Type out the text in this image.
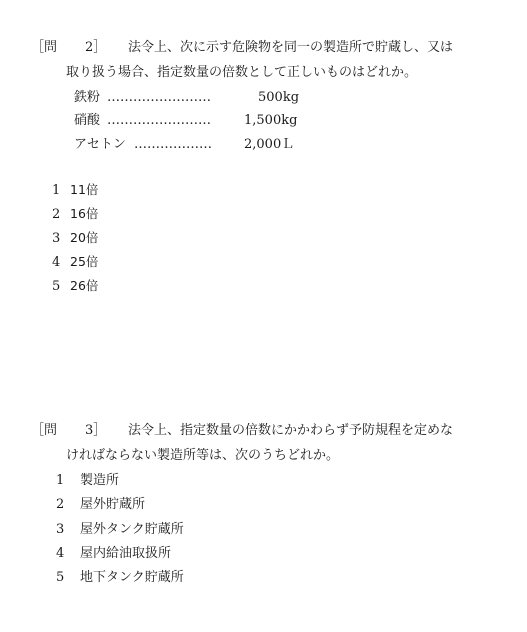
［問 2］ 法令上、次に示す危険物を同一の製造所で貯蔵し、又は
取り扱う場合、指定数量の倍数として正しいものはどれか。
鉄粉 ……………………	500kg
硝酸 ……………………	1,500kg
アセトン ……………… 2,000Ｌ
1 11倍
2 16倍
3 20倍
4 25倍
5 26倍
［問 3］ 法令上、指定数量の倍数にかかわらず予防規程を定めな
ければならない製造所等は、次のうちどれか。
1 製造所
2 屋外貯蔵所
3 屋外タンク貯蔵所
4 屋内給油取扱所
5 地下タンク貯蔵所
